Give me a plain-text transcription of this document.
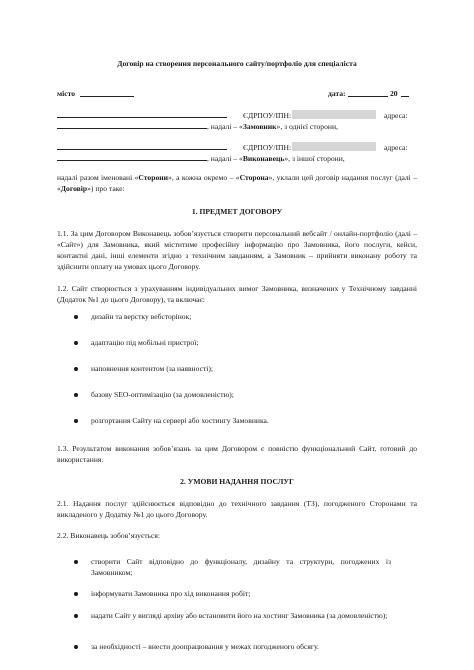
Договір на створення персонального сайту/портфоліо для спеціаліста
місто	дата:	20
ЄДРПОУ/ІПН:	адреса:
, надалі – «Замовник», з однієї сторони,
ЄДРПОУ/ІПН:	адреса:
, надалі – «Виконавець», з іншої сторони,
надалі разом іменовані «Сторони», а кожна окремо – «Сторона», уклали цей договір надання послуг (далі – «Договір») про таке:
1. ПРЕДМЕТ ДОГОВОРУ
1.1. За цим Договором Виконавець зобов’язується створити персональний вебсайт / онлайн-портфоліо (далі – «Сайт») для Замовника, який міститиме професійну інформацію про Замовника, його послуги, кейси, контактні дані, інші елементи згідно з технічним завданням, а Замовник – прийняти виконану роботу та здійснити оплату на умовах цього Договору.
1.2. Сайт створюється з урахуванням індивідуальних вимог Замовника, визначених у Технічному завданні (Додаток №1 до цього Договору), та включає:
дизайн та верстку вебсторінок;
адаптацію під мобільні пристрої;
наповнення контентом (за наявності);
базову SEO-оптимізацію (за домовленістю);
розгортання Сайту на сервері або хостингу Замовника.
1.3. Результатом виконання зобов’язань за цим Договором є повністю функціональний Сайт, готовий до використання.
2. УМОВИ НАДАННЯ ПОСЛУГ
2.1. Надання послуг здійснюється відповідно до технічного завдання (ТЗ), погодженого Сторонами та викладеного у Додатку №1 до цього Договору.
2.2. Виконавець зобов’язується:
створити Сайт відповідно до функціоналу, дизайну та структури, погоджених із Замовником;
інформувати Замовника про хід виконання робіт;
надати Сайт у вигляді архіву або встановити його на хостинг Замовника (за домовленістю);
за необхідності – внести доопрацювання у межах погодженого обсягу.
